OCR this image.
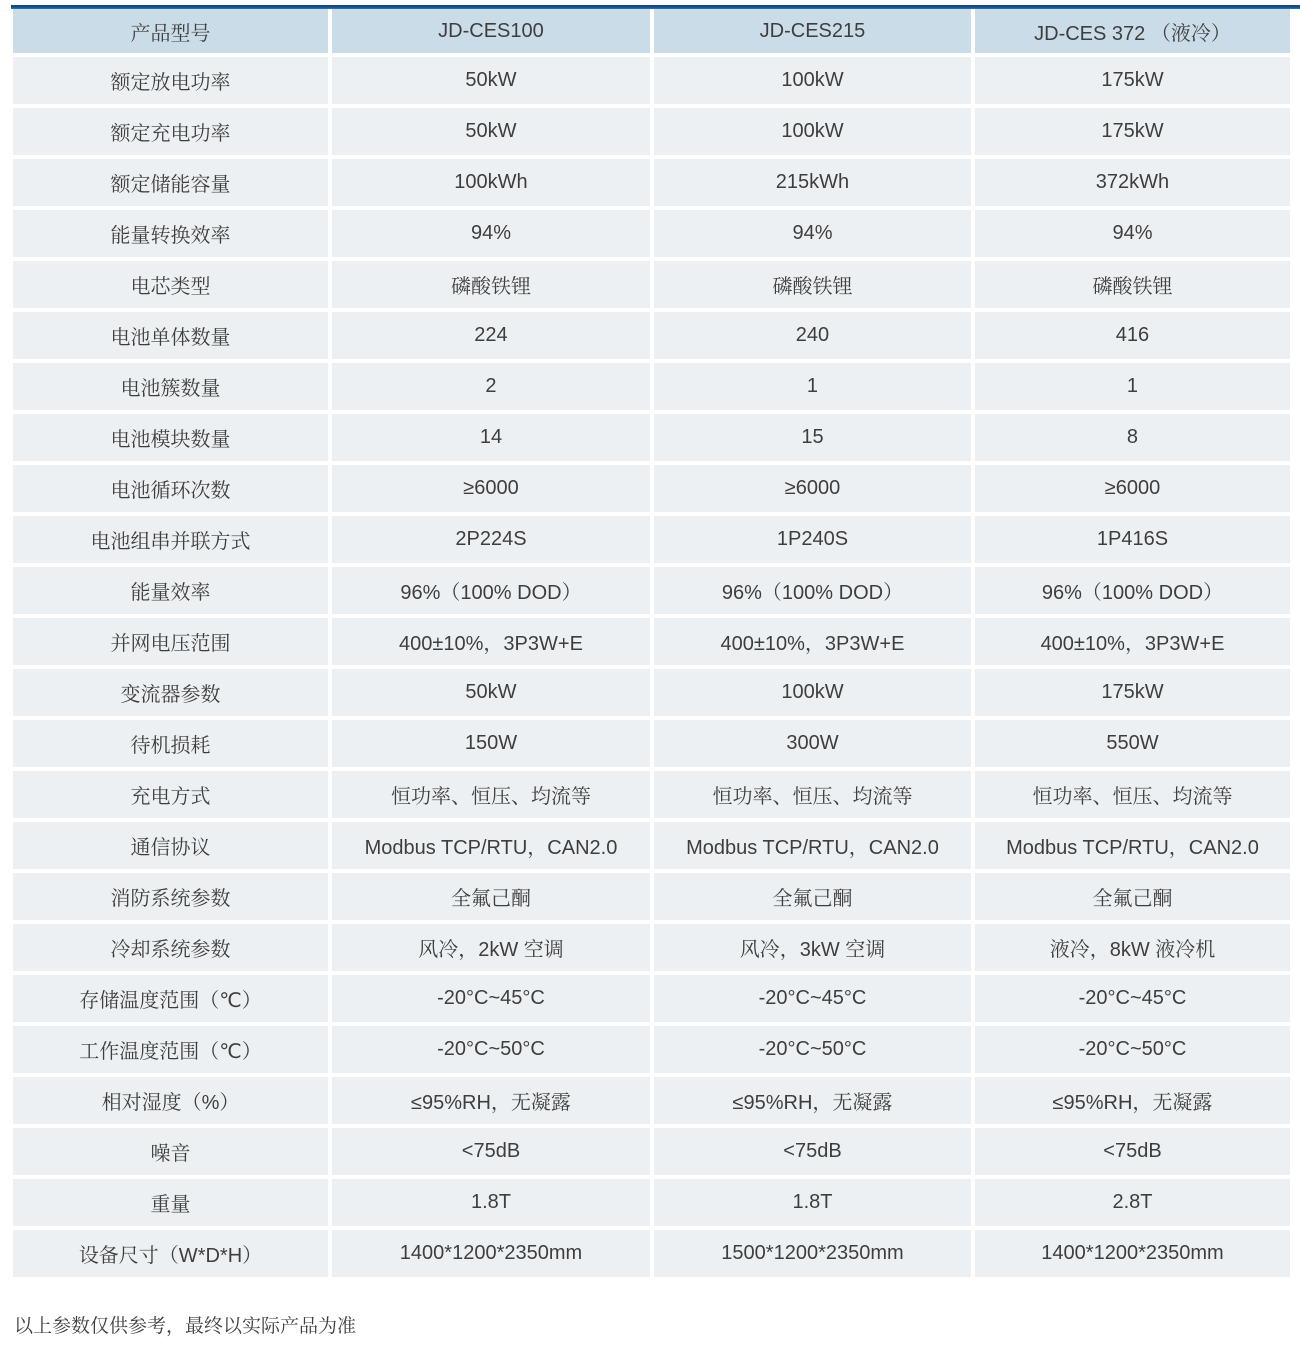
产品型号	JD-CES100	JD-CES215	JD-CES 372 （液冷）
额定放电功率	50kW	100kW	175kW
额定充电功率	50kW	100kW	175kW
额定储能容量	100kWh	215kWh	372kWh
能量转换效率	94%	94%	94%
电芯类型	磷酸铁锂	磷酸铁锂	磷酸铁锂
电池单体数量	224	240	416
电池簇数量	2	1	1
电池模块数量	14	15	8
电池循环次数	≥6000	≥6000	≥6000
电池组串并联方式	2P224S	1P240S	1P416S
能量效率	96%（100% DOD）	96%（100% DOD）	96%（100% DOD）
并网电压范围	400±10%，3P3W+E	400±10%，3P3W+E	400±10%，3P3W+E
变流器参数	50kW	100kW	175kW
待机损耗	150W	300W	550W
充电方式	恒功率、恒压、均流等	恒功率、恒压、均流等	恒功率、恒压、均流等
通信协议	Modbus TCP/RTU，CAN2.0	Modbus TCP/RTU，CAN2.0	Modbus TCP/RTU，CAN2.0
消防系统参数	全氟己酮	全氟己酮	全氟己酮
冷却系统参数	风冷，2kW 空调	风冷，3kW 空调	液冷，8kW 液冷机
存储温度范围（℃）	-20°C~45°C	-20°C~45°C	-20°C~45°C
工作温度范围（℃）	-20°C~50°C	-20°C~50°C	-20°C~50°C
相对湿度（%）	≤95%RH，无凝露	≤95%RH，无凝露	≤95%RH，无凝露
噪音	<75dB	<75dB	<75dB
重量	1.8T	1.8T	2.8T
设备尺寸（W*D*H）	1400*1200*2350mm	1500*1200*2350mm	1400*1200*2350mm
以上参数仅供参考，最终以实际产品为准
